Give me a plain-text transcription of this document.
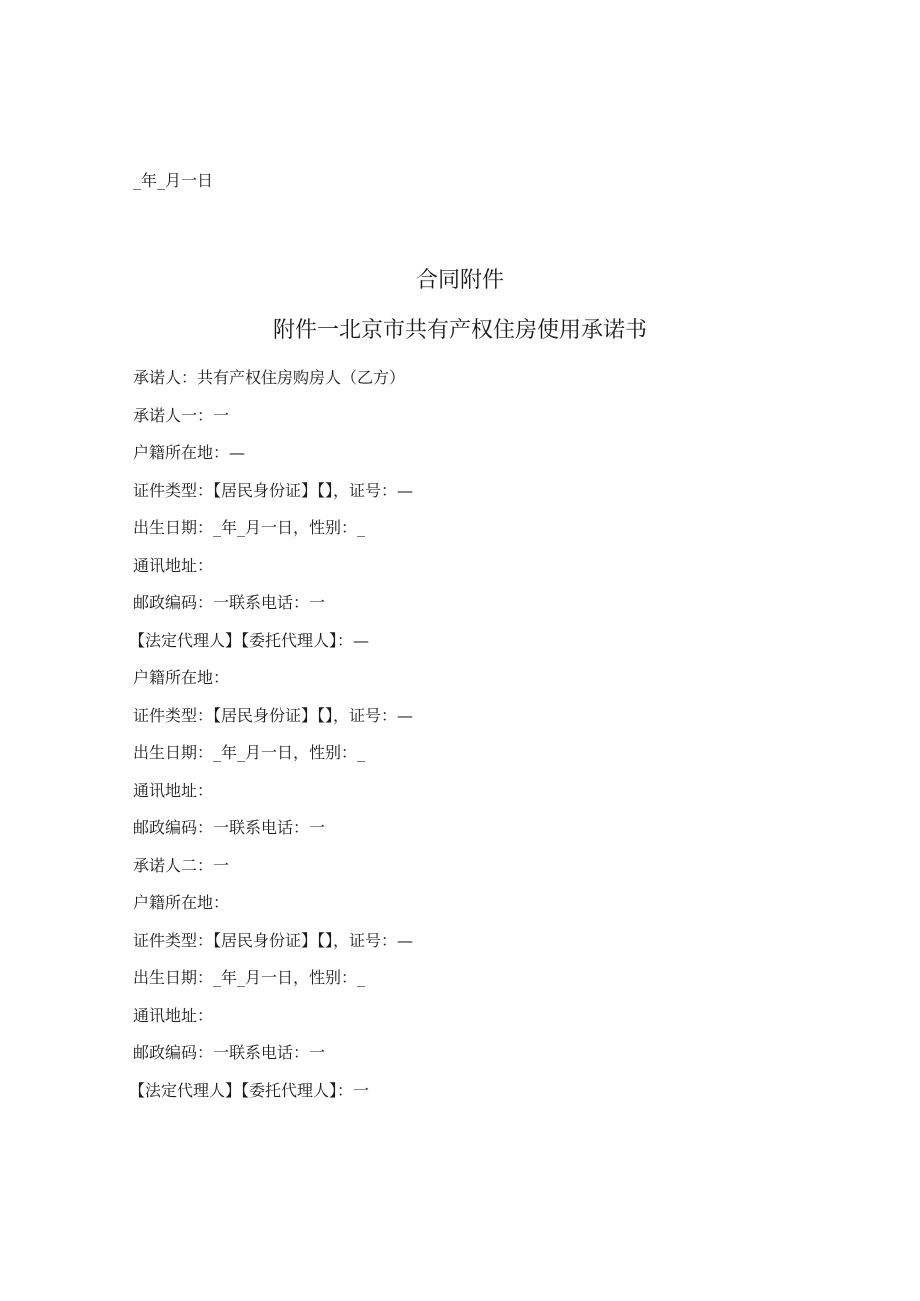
_年_月一日
合同附件
附件一北京市共有产权住房使用承诺书
承诺人：共有产权住房购房人（乙方）
承诺人一：一
户籍所在地：—
证件类型：【居民身份证】【】，证号：—
出生日期：_年_月一日，性别：_
通讯地址：
邮政编码：一联系电话：一
【法定代理人】【委托代理人】：—
户籍所在地：
证件类型：【居民身份证】【】，证号：—
出生日期：_年_月一日，性别：_
通讯地址：
邮政编码：一联系电话：一
承诺人二：一
户籍所在地：
证件类型：【居民身份证】【】，证号：—
出生日期：_年_月一日，性别：_
通讯地址：
邮政编码：一联系电话：一
【法定代理人】【委托代理人】：一
